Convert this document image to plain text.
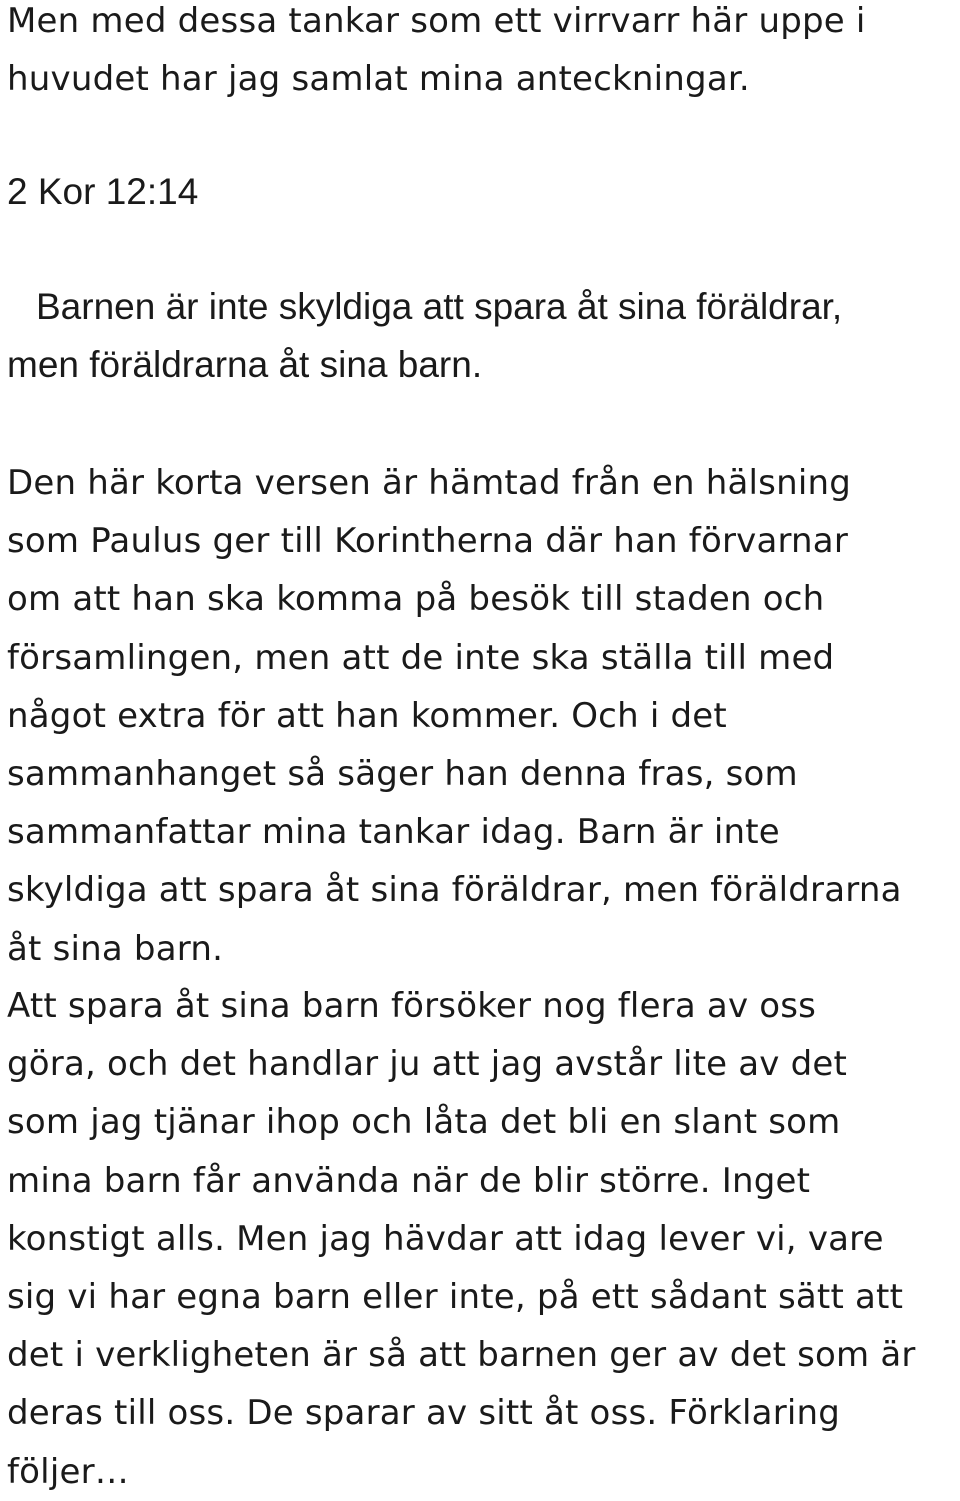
Men med dessa tankar som ett virrvarr här uppe i
huvudet har jag samlat mina anteckningar.

2 Kor 12:14

Barnen är inte skyldiga att spara åt sina föräldrar,
men föräldrarna åt sina barn.

Den här korta versen är hämtad från en hälsning
som Paulus ger till Korintherna där han förvarnar
om att han ska komma på besök till staden och
församlingen, men att de inte ska ställa till med
något extra för att han kommer. Och i det
sammanhanget så säger han denna fras, som
sammanfattar mina tankar idag. Barn är inte
skyldiga att spara åt sina föräldrar, men föräldrarna
åt sina barn.

Att spara åt sina barn försöker nog flera av oss
göra, och det handlar ju att jag avstår lite av det
som jag tjänar ihop och låta det bli en slant som
mina barn får använda när de blir större. Inget
konstigt alls. Men jag hävdar att idag lever vi, vare
sig vi har egna barn eller inte, på ett sådant sätt att
det i verkligheten är så att barnen ger av det som är
deras till oss. De sparar av sitt åt oss. Förklaring
följer…
